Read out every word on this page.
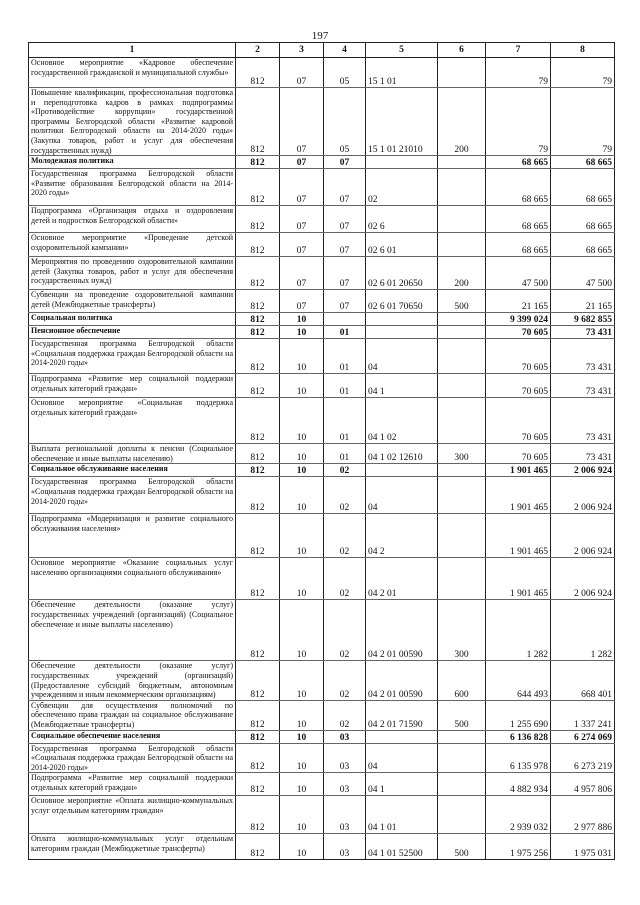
197
1	2	3	4	5	6	7	8
Основное мероприятие «Кадровое обеспечение государственной гражданской и муниципальной службы»	812	07	05	15 1 01		79	79
Повышение квалификации, профессиональная подготовка и переподготовка кадров в рамках подпрограммы «Противодействие коррупции» государственной программы Белгородской области «Развитие кадровой политики Белгородской области на 2014-2020 годы» (Закупка товаров, работ и услуг для обеспечения государственных нужд)	812	07	05	15 1 01 21010	200	79	79
Молодежная политика	812	07	07			68 665	68 665
Государственная программа Белгородской области «Развитие образования Белгородской области на 2014-2020 годы»	812	07	07	02		68 665	68 665
Подпрограмма «Организация отдыха и оздоровления детей и подростков Белгородской области»	812	07	07	02 6		68 665	68 665
Основное мероприятие «Проведение детской оздоровительной кампании»	812	07	07	02 6 01		68 665	68 665
Мероприятия по проведению оздоровительной кампании детей (Закупка товаров, работ и услуг для обеспечения государственных нужд)	812	07	07	02 6 01 20650	200	47 500	47 500
Субвенции на проведение оздоровительной кампании детей (Межбюджетные трансферты)	812	07	07	02 6 01 70650	500	21 165	21 165
Социальная политика	812	10				9 399 024	9 682 855
Пенсионное обеспечение	812	10	01			70 605	73 431
Государственная программа Белгородской области «Социальная поддержка граждан Белгородской области на 2014-2020 годы»	812	10	01	04		70 605	73 431
Подпрограмма «Развитие мер социальной поддержки отдельных категорий граждан»	812	10	01	04 1		70 605	73 431
Основное мероприятие «Социальная поддержка отдельных категорий граждан»	812	10	01	04 1 02		70 605	73 431
Выплата региональной доплаты к пенсии (Социальное обеспечение и иные выплаты населению)	812	10	01	04 1 02 12610	300	70 605	73 431
Социальное обслуживание населения	812	10	02			1 901 465	2 006 924
Государственная программа Белгородской области «Социальная поддержка граждан Белгородской области на 2014-2020 годы»	812	10	02	04		1 901 465	2 006 924
Подпрограмма «Модернизация и развитие социального обслуживания населения»	812	10	02	04 2		1 901 465	2 006 924
Основное мероприятие «Оказание социальных услуг населению организациями социального обслуживания»	812	10	02	04 2 01		1 901 465	2 006 924
Обеспечение деятельности (оказание услуг) государственных учреждений (организаций) (Социальное обеспечение и иные выплаты населению)	812	10	02	04 2 01 00590	300	1 282	1 282
Обеспечение деятельности (оказание услуг) государственных учреждений (организаций) (Предоставление субсидий бюджетным, автономным учреждениям и иным некоммерческим организациям)	812	10	02	04 2 01 00590	600	644 493	668 401
Субвенции для осуществления полномочий по обеспечению права граждан на социальное обслуживание (Межбюджетные трансферты)	812	10	02	04 2 01 71590	500	1 255 690	1 337 241
Социальное обеспечение населения	812	10	03			6 136 828	6 274 069
Государственная программа Белгородской области «Социальная поддержка граждан Белгородской области на 2014-2020 годы»	812	10	03	04		6 135 978	6 273 219
Подпрограмма «Развитие мер социальной поддержки отдельных категорий граждан»	812	10	03	04 1		4 882 934	4 957 806
Основное мероприятие «Оплата жилищно-коммунальных услуг отдельным категориям граждан»	812	10	03	04 1 01		2 939 032	2 977 886
Оплата жилищно-коммунальных услуг отдельным категориям граждан (Межбюджетные трансферты)	812	10	03	04 1 01 52500	500	1 975 256	1 975 031
